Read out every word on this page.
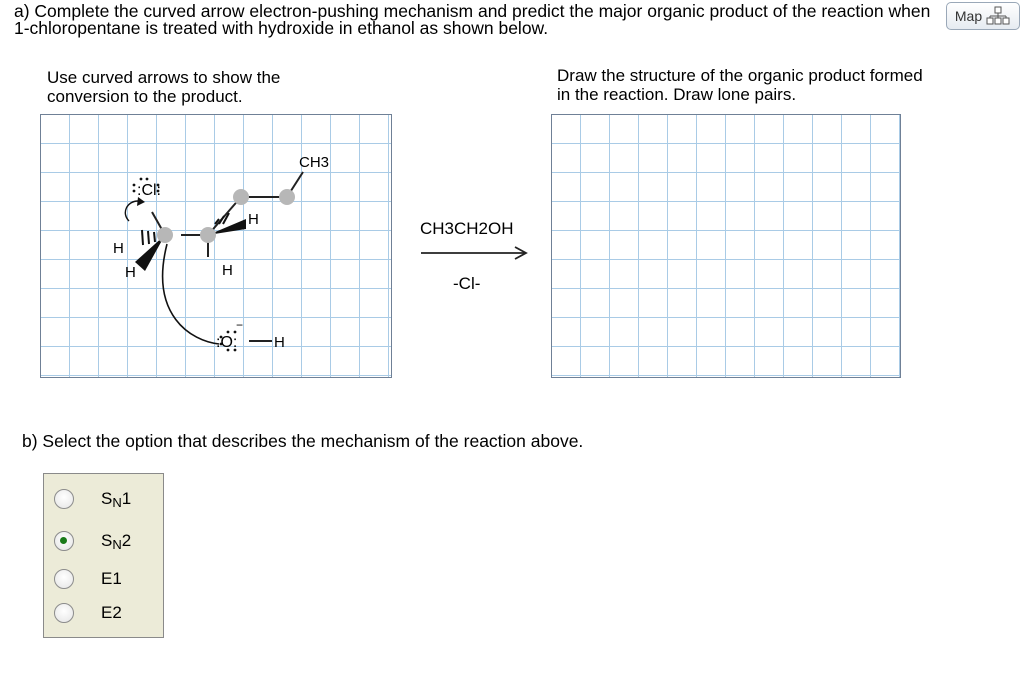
a) Complete the curved arrow electron-pushing mechanism and predict the major organic product of the reaction when 1-chloropentane is treated with hydroxide in ethanol as shown below.
Map
Use curved arrows to show the conversion to the product.
Draw the structure of the organic product formed in the reaction. Draw lone pairs.
CH3
:Cl:
H
H
H	H
:O:
−
H
CH3CH2OH
-Cl-
b) Select the option that describes the mechanism of the reaction above.
$S_N1$
$S_N2$
E1
E2
